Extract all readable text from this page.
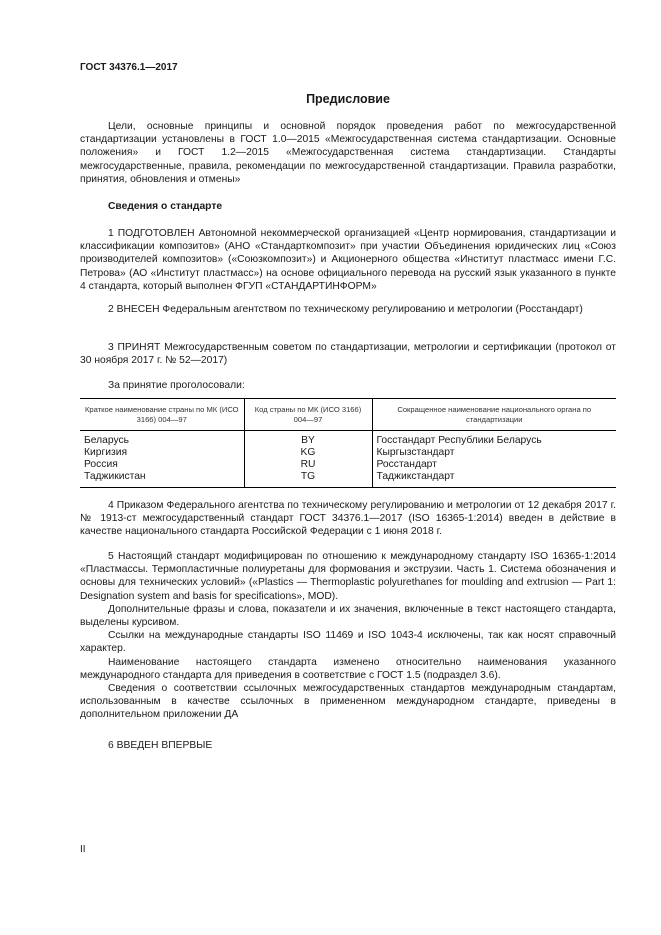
ГОСТ 34376.1—2017
Предисловие

Цели, основные принципы и основной порядок проведения работ по межгосударственной стандартизации установлены в ГОСТ 1.0—2015 «Межгосударственная система стандартизации. Основные положения» и ГОСТ 1.2—2015 «Межгосударственная система стандартизации. Стандарты межгосударственные, правила, рекомендации по межгосударственной стандартизации. Правила разработки, принятия, обновления и отмены»

Сведения о стандарте

1 ПОДГОТОВЛЕН Автономной некоммерческой организацией «Центр нормирования, стандартизации и классификации композитов» (АНО «Стандарткомпозит» при участии Объединения юридических лиц «Союз производителей композитов» («Союзкомпозит») и Акционерного общества «Институт пластмасс имени Г.С. Петрова» (АО «Институт пластмасс») на основе официального перевода на русский язык указанного в пункте 4 стандарта, который выполнен ФГУП «СТАНДАРТИНФОРМ»

2 ВНЕСЕН Федеральным агентством по техническому регулированию и метрологии (Росстандарт)

3 ПРИНЯТ Межгосударственным советом по стандартизации, метрологии и сертификации (протокол от 30 ноября 2017 г. № 52—2017)

За принятие проголосовали:

Краткое наименование страны по МК (ИСО 3166) 004—97	Код страны по МК (ИСО 3166) 004—97	Сокращенное наименование национального органа по стандартизации
Беларусь	BY	Госстандарт Республики Беларусь
Киргизия	KG	Кыргызстандарт
Россия	RU	Росстандарт
Таджикистан	TG	Таджикстандарт

4 Приказом Федерального агентства по техническому регулированию и метрологии от 12 декабря 2017 г. № 1913-ст межгосударственный стандарт ГОСТ 34376.1—2017 (ISO 16365-1:2014) введен в действие в качестве национального стандарта Российской Федерации с 1 июня 2018 г.

5 Настоящий стандарт модифицирован по отношению к международному стандарту ISO 16365-1:2014 «Пластмассы. Термопластичные полиуретаны для формования и экструзии. Часть 1. Система обозначения и основы для технических условий» («Plastics — Thermoplastic polyurethanes for moulding and extrusion — Part 1: Designation system and basis for specifications», MOD).

Дополнительные фразы и слова, показатели и их значения, включенные в текст настоящего стандарта, выделены курсивом.

Ссылки на международные стандарты ISO 11469 и ISO 1043-4 исключены, так как носят справочный характер.

Наименование настоящего стандарта изменено относительно наименования указанного международного стандарта для приведения в соответствие с ГОСТ 1.5 (подраздел 3.6).

Сведения о соответствии ссылочных межгосударственных стандартов международным стандартам, использованным в качестве ссылочных в примененном международном стандарте, приведены в дополнительном приложении ДА

6 ВВЕДЕН ВПЕРВЫЕ

II
